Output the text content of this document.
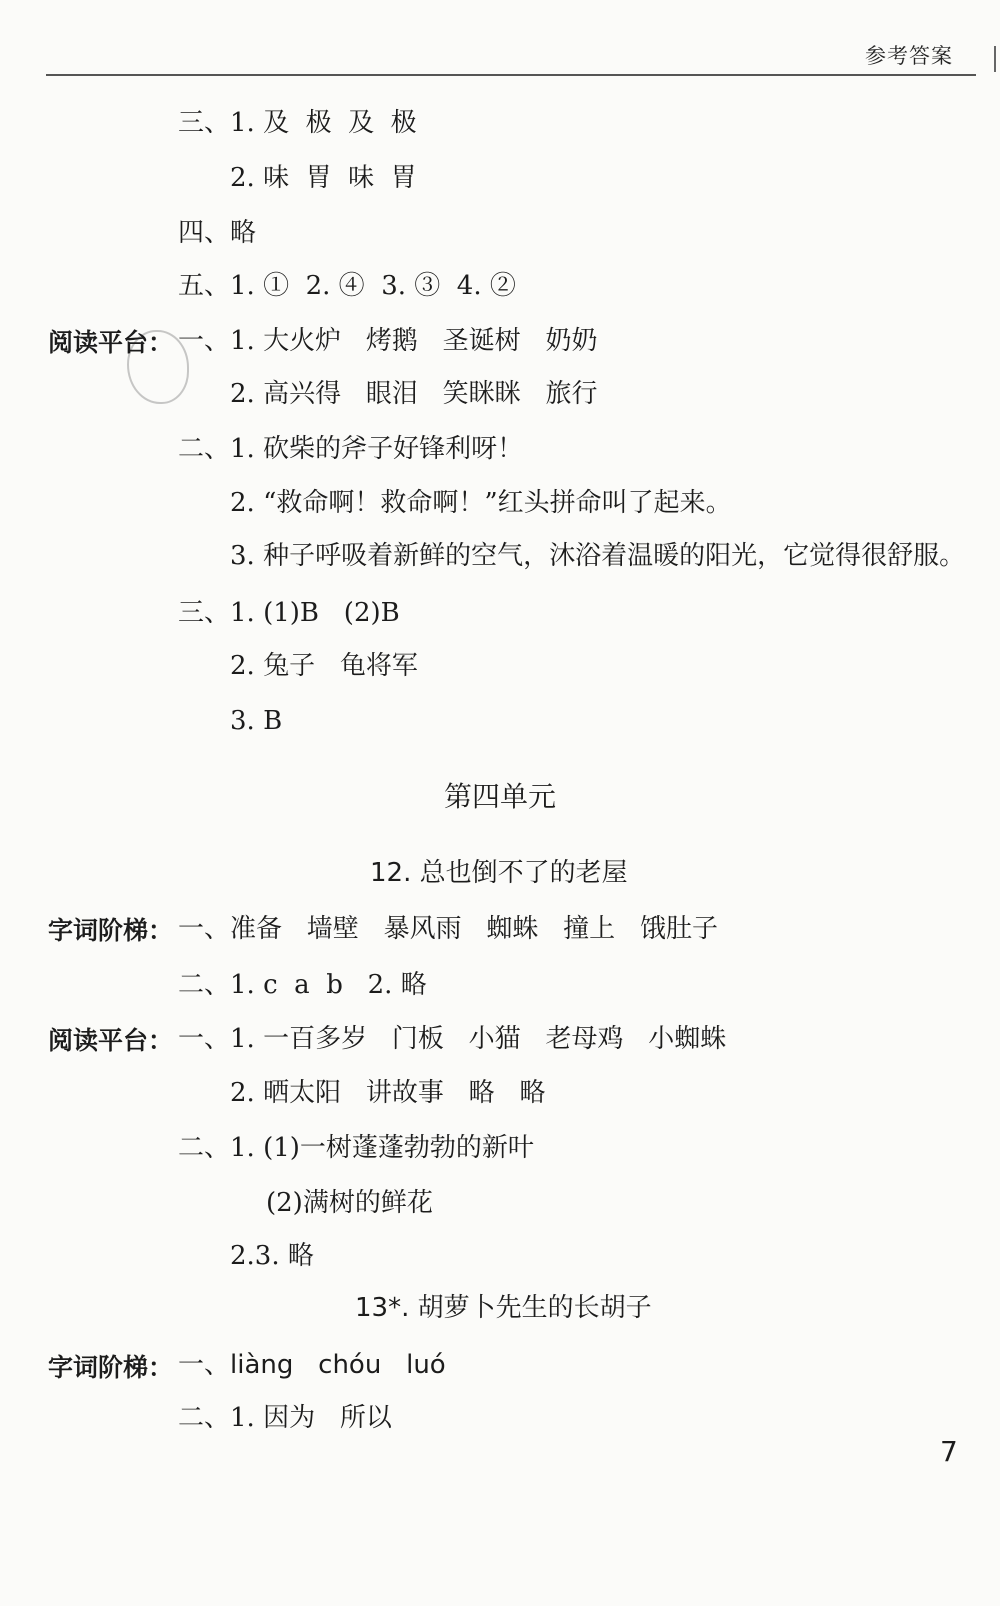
参考答案
三、1. 及  极  及  极
2. 味  胃  味  胃
四、略
五、1. ①  2. ④  3. ③  4. ②
阅读平台： 一、1. 大火炉   烤鹅   圣诞树   奶奶
2. 高兴得   眼泪   笑眯眯   旅行
二、1. 砍柴的斧子好锋利呀！
2. “救命啊！救命啊！”红头拼命叫了起来。
3. 种子呼吸着新鲜的空气，沐浴着温暖的阳光，它觉得很舒服。
三、1. (1)B   (2)B
2. 兔子   龟将军
3. B
第四单元
12. 总也倒不了的老屋
字词阶梯： 一、准备   墙壁   暴风雨   蜘蛛   撞上   饿肚子
二、1. c  a  b   2. 略
阅读平台： 一、1. 一百多岁   门板   小猫   老母鸡   小蜘蛛
2. 晒太阳   讲故事   略   略
二、1. (1)一树蓬蓬勃勃的新叶
(2)满树的鲜花
2.3. 略
13*. 胡萝卜先生的长胡子
字词阶梯： 一、liàng   chóu   luó
二、1. 因为   所以
7
